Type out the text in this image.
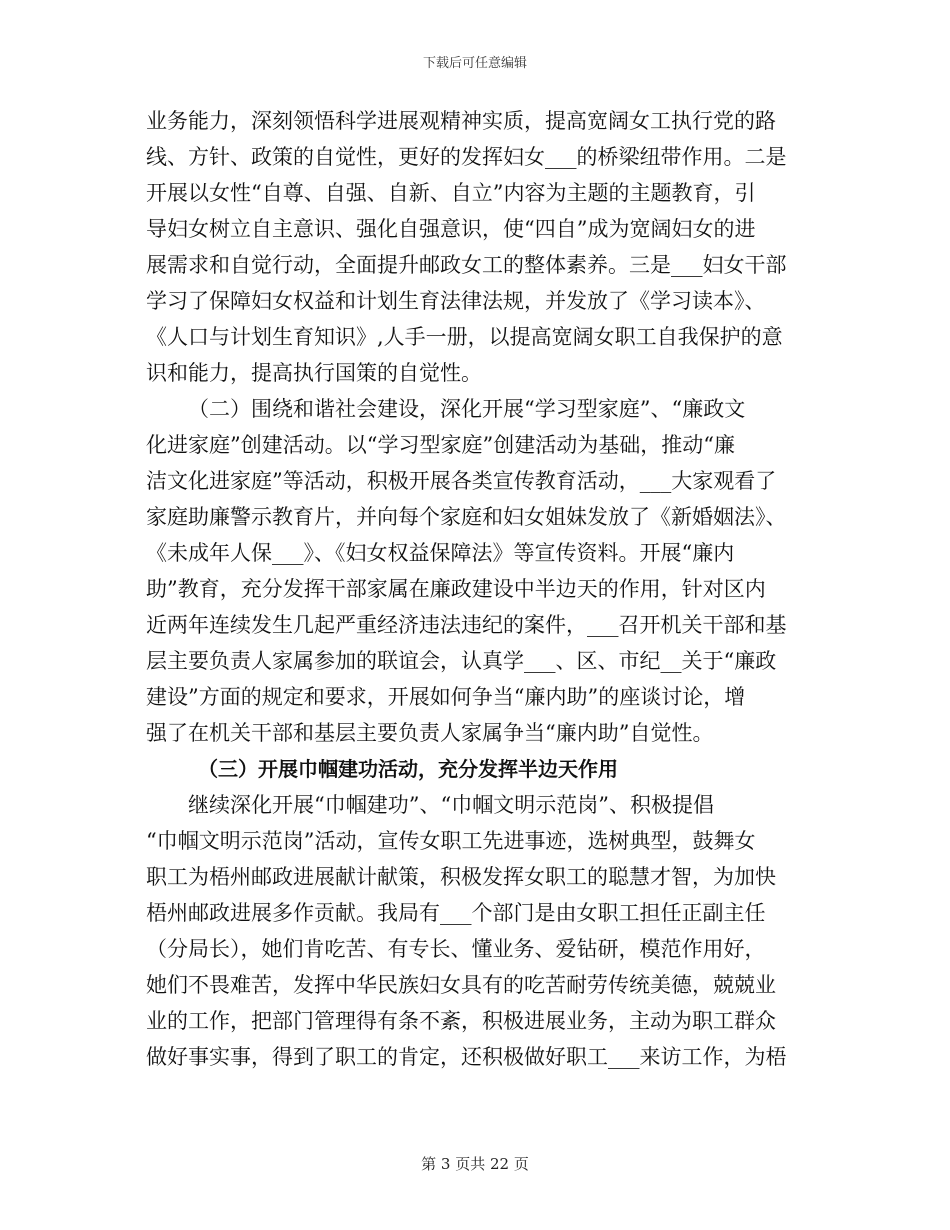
下载后可任意编辑
业务能力，深刻领悟科学进展观精神实质，提高宽阔女工执行党的路
线、方针、政策的自觉性，更好的发挥妇女___的桥梁纽带作用。二是
开展以女性“自尊、自强、自新、自立”内容为主题的主题教育，引
导妇女树立自主意识、强化自强意识，使“四自”成为宽阔妇女的进
展需求和自觉行动，全面提升邮政女工的整体素养。三是___妇女干部
学习了保障妇女权益和计划生育法律法规，并发放了《学习读本》、
《人口与计划生育知识》,人手一册，以提高宽阔女职工自我保护的意
识和能力，提高执行国策的自觉性。
（二）围绕和谐社会建设，深化开展“学习型家庭”、“廉政文
化进家庭”创建活动。以“学习型家庭”创建活动为基础，推动“廉
洁文化进家庭”等活动，积极开展各类宣传教育活动，___大家观看了
家庭助廉警示教育片，并向每个家庭和妇女姐妹发放了《新婚姻法》、
《未成年人保___》、《妇女权益保障法》等宣传资料。开展“廉内
助”教育，充分发挥干部家属在廉政建设中半边天的作用，针对区内
近两年连续发生几起严重经济违法违纪的案件，___召开机关干部和基
层主要负责人家属参加的联谊会，认真学___、区、市纪__关于“廉政
建设”方面的规定和要求，开展如何争当“廉内助”的座谈讨论，增
强了在机关干部和基层主要负责人家属争当“廉内助”自觉性。
（三）开展巾帼建功活动，充分发挥半边天作用
继续深化开展“巾帼建功”、“巾帼文明示范岗”、积极提倡
“巾帼文明示范岗”活动，宣传女职工先进事迹，选树典型，鼓舞女
职工为梧州邮政进展献计献策，积极发挥女职工的聪慧才智，为加快
梧州邮政进展多作贡献。我局有___个部门是由女职工担任正副主任
（分局长），她们肯吃苦、有专长、懂业务、爱钻研，模范作用好，
她们不畏难苦，发挥中华民族妇女具有的吃苦耐劳传统美德，兢兢业
业的工作，把部门管理得有条不紊，积极进展业务，主动为职工群众
做好事实事，得到了职工的肯定，还积极做好职工___来访工作，为梧
第 3 页共 22 页
